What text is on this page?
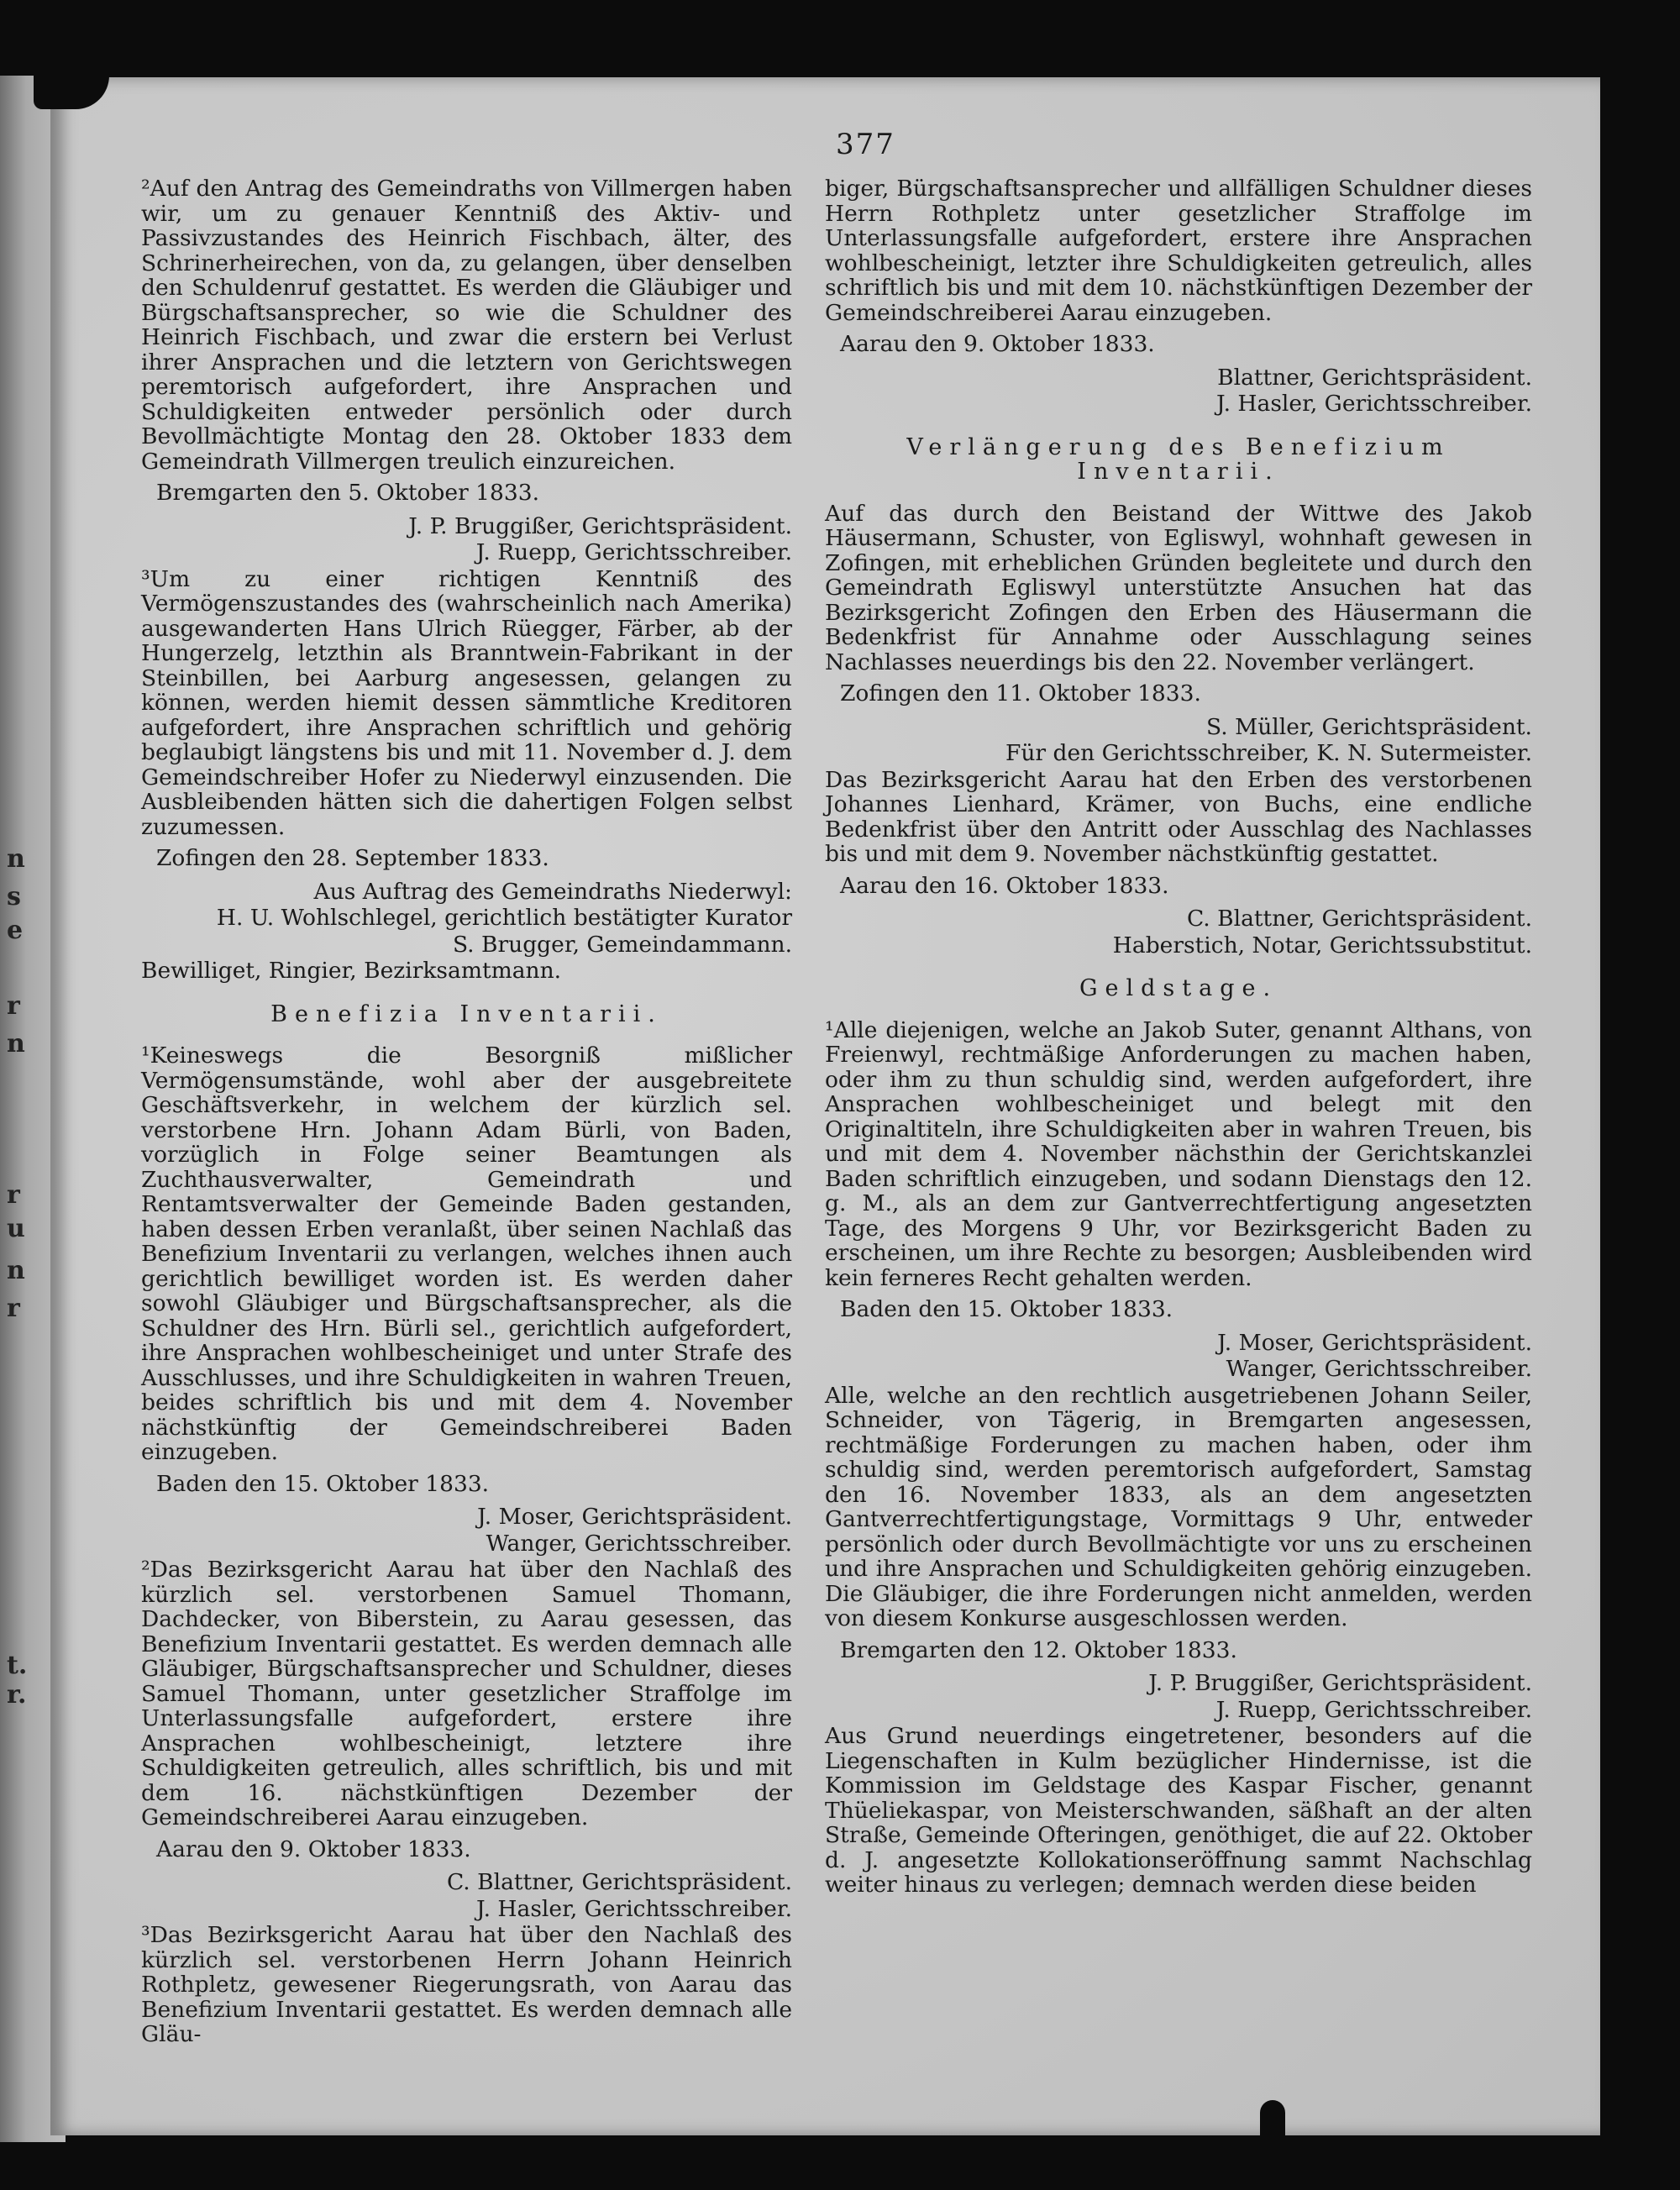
n
s
e
r
n
r
u
n
r
t.
r.
377
²Auf den Antrag des Gemeindraths von Villmergen haben wir, um zu genauer Kenntniß des Aktiv- und Passivzustandes des Heinrich Fischbach, älter, des Schrinerheirechen, von da, zu gelangen, über denselben den Schuldenruf gestattet. Es werden die Gläubiger und Bürgschaftsansprecher, so wie die Schuldner des Heinrich Fischbach, und zwar die erstern bei Verlust ihrer Ansprachen und die letztern von Gerichtswegen peremtorisch aufgefordert, ihre Ansprachen und Schuldigkeiten entweder persönlich oder durch Bevollmächtigte Montag den 28. Oktober 1833 dem Gemeindrath Villmergen treulich einzureichen.
Bremgarten den 5. Oktober 1833.
J. P. Bruggißer, Gerichtspräsident.
J. Ruepp, Gerichtsschreiber.
³Um zu einer richtigen Kenntniß des Vermögenszustandes des (wahrscheinlich nach Amerika) ausgewanderten Hans Ulrich Rüegger, Färber, ab der Hungerzelg, letzthin als Branntwein-Fabrikant in der Steinbillen, bei Aarburg angesessen, gelangen zu können, werden hiemit dessen sämmtliche Kreditoren aufgefordert, ihre Ansprachen schriftlich und gehörig beglaubigt längstens bis und mit 11. November d. J. dem Gemeindschreiber Hofer zu Niederwyl einzusenden. Die Ausbleibenden hätten sich die dahertigen Folgen selbst zuzumessen.
Zofingen den 28. September 1833.
Aus Auftrag des Gemeindraths Niederwyl:
H. U. Wohlschlegel, gerichtlich bestätigter Kurator
S. Brugger, Gemeindammann.
Bewilliget, Ringier, Bezirksamtmann.
Benefizia Inventarii.
¹Keineswegs die Besorgniß mißlicher Vermögensumstände, wohl aber der ausgebreitete Geschäftsverkehr, in welchem der kürzlich sel. verstorbene Hrn. Johann Adam Bürli, von Baden, vorzüglich in Folge seiner Beamtungen als Zuchthausverwalter, Gemeindrath und Rentamtsverwalter der Gemeinde Baden gestanden, haben dessen Erben veranlaßt, über seinen Nachlaß das Benefizium Inventarii zu verlangen, welches ihnen auch gerichtlich bewilliget worden ist. Es werden daher sowohl Gläubiger und Bürgschaftsansprecher, als die Schuldner des Hrn. Bürli sel., gerichtlich aufgefordert, ihre Ansprachen wohlbescheiniget und unter Strafe des Ausschlusses, und ihre Schuldigkeiten in wahren Treuen, beides schriftlich bis und mit dem 4. November nächstkünftig der Gemeindschreiberei Baden einzugeben.
Baden den 15. Oktober 1833.
J. Moser, Gerichtspräsident.
Wanger, Gerichtsschreiber.
²Das Bezirksgericht Aarau hat über den Nachlaß des kürzlich sel. verstorbenen Samuel Thomann, Dachdecker, von Biberstein, zu Aarau gesessen, das Benefizium Inventarii gestattet. Es werden demnach alle Gläubiger, Bürgschaftsansprecher und Schuldner, dieses Samuel Thomann, unter gesetzlicher Straffolge im Unterlassungsfalle aufgefordert, erstere ihre Ansprachen wohlbescheinigt, letztere ihre Schuldigkeiten getreulich, alles schriftlich, bis und mit dem 16. nächstkünftigen Dezember der Gemeindschreiberei Aarau einzugeben.
Aarau den 9. Oktober 1833.
C. Blattner, Gerichtspräsident.
J. Hasler, Gerichtsschreiber.
³Das Bezirksgericht Aarau hat über den Nachlaß des kürzlich sel. verstorbenen Herrn Johann Heinrich Rothpletz, gewesener Riegerungsrath, von Aarau das Benefizium Inventarii gestattet. Es werden demnach alle Gläu-
biger, Bürgschaftsansprecher und allfälligen Schuldner dieses Herrn Rothpletz unter gesetzlicher Straffolge im Unterlassungsfalle aufgefordert, erstere ihre Ansprachen wohlbescheinigt, letzter ihre Schuldigkeiten getreulich, alles schriftlich bis und mit dem 10. nächstkünftigen Dezember der Gemeindschreiberei Aarau einzugeben.
Aarau den 9. Oktober 1833.
Blattner, Gerichtspräsident.
J. Hasler, Gerichtsschreiber.
Verlängerung des Benefizium Inventarii.
Auf das durch den Beistand der Wittwe des Jakob Häusermann, Schuster, von Egliswyl, wohnhaft gewesen in Zofingen, mit erheblichen Gründen begleitete und durch den Gemeindrath Egliswyl unterstützte Ansuchen hat das Bezirksgericht Zofingen den Erben des Häusermann die Bedenkfrist für Annahme oder Ausschlagung seines Nachlasses neuerdings bis den 22. November verlängert.
Zofingen den 11. Oktober 1833.
S. Müller, Gerichtspräsident.
Für den Gerichtsschreiber, K. N. Sutermeister.
Das Bezirksgericht Aarau hat den Erben des verstorbenen Johannes Lienhard, Krämer, von Buchs, eine endliche Bedenkfrist über den Antritt oder Ausschlag des Nachlasses bis und mit dem 9. November nächstkünftig gestattet.
Aarau den 16. Oktober 1833.
C. Blattner, Gerichtspräsident.
Haberstich, Notar, Gerichtssubstitut.
Geldstage.
¹Alle diejenigen, welche an Jakob Suter, genannt Althans, von Freienwyl, rechtmäßige Anforderungen zu machen haben, oder ihm zu thun schuldig sind, werden aufgefordert, ihre Ansprachen wohlbescheiniget und belegt mit den Originaltiteln, ihre Schuldigkeiten aber in wahren Treuen, bis und mit dem 4. November nächsthin der Gerichtskanzlei Baden schriftlich einzugeben, und sodann Dienstags den 12. g. M., als an dem zur Gantverrechtfertigung angesetzten Tage, des Morgens 9 Uhr, vor Bezirksgericht Baden zu erscheinen, um ihre Rechte zu besorgen; Ausbleibenden wird kein ferneres Recht gehalten werden.
Baden den 15. Oktober 1833.
J. Moser, Gerichtspräsident.
Wanger, Gerichtsschreiber.
Alle, welche an den rechtlich ausgetriebenen Johann Seiler, Schneider, von Tägerig, in Bremgarten angesessen, rechtmäßige Forderungen zu machen haben, oder ihm schuldig sind, werden peremtorisch aufgefordert, Samstag den 16. November 1833, als an dem angesetzten Gantverrechtfertigungstage, Vormittags 9 Uhr, entweder persönlich oder durch Bevollmächtigte vor uns zu erscheinen und ihre Ansprachen und Schuldigkeiten gehörig einzugeben. Die Gläubiger, die ihre Forderungen nicht anmelden, werden von diesem Konkurse ausgeschlossen werden.
Bremgarten den 12. Oktober 1833.
J. P. Bruggißer, Gerichtspräsident.
J. Ruepp, Gerichtsschreiber.
Aus Grund neuerdings eingetretener, besonders auf die Liegenschaften in Kulm bezüglicher Hindernisse, ist die Kommission im Geldstage des Kaspar Fischer, genannt Thüeliekaspar, von Meisterschwanden, säßhaft an der alten Straße, Gemeinde Ofteringen, genöthiget, die auf 22. Oktober d. J. angesetzte Kollokationseröffnung sammt Nachschlag weiter hinaus zu verlegen; demnach werden diese beiden
